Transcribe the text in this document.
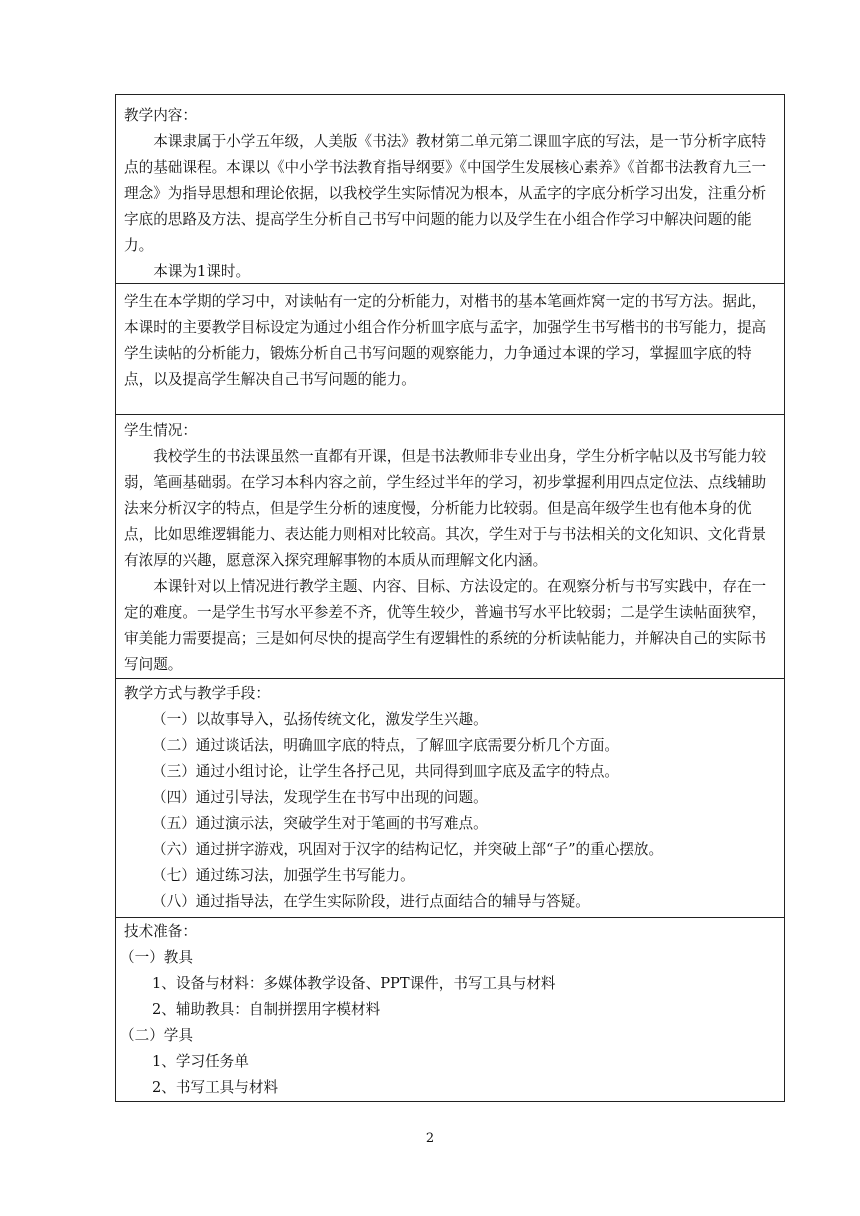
教学内容：

本课隶属于小学五年级，人美版《书法》教材第二单元第二课皿字底的写法，是一节分析字底特点的基础课程。本课以《中小学书法教育指导纲要》《中国学生发展核心素养》《首都书法教育九三一理念》为指导思想和理论依据，以我校学生实际情况为根本，从孟字的字底分析学习出发，注重分析字底的思路及方法、提高学生分析自己书写中问题的能力以及学生在小组合作学习中解决问题的能力。

本课为1课时。

学生在本学期的学习中，对读帖有一定的分析能力，对楷书的基本笔画炸窝一定的书写方法。据此，本课时的主要教学目标设定为通过小组合作分析皿字底与孟字，加强学生书写楷书的书写能力，提高学生读帖的分析能力，锻炼分析自己书写问题的观察能力，力争通过本课的学习，掌握皿字底的特点，以及提高学生解决自己书写问题的能力。

学生情况：

我校学生的书法课虽然一直都有开课，但是书法教师非专业出身，学生分析字帖以及书写能力较弱，笔画基础弱。在学习本科内容之前，学生经过半年的学习，初步掌握利用四点定位法、点线辅助法来分析汉字的特点，但是学生分析的速度慢，分析能力比较弱。但是高年级学生也有他本身的优点，比如思维逻辑能力、表达能力则相对比较高。其次，学生对于与书法相关的文化知识、文化背景有浓厚的兴趣，愿意深入探究理解事物的本质从而理解文化内涵。

本课针对以上情况进行教学主题、内容、目标、方法设定的。在观察分析与书写实践中，存在一定的难度。一是学生书写水平参差不齐，优等生较少，普遍书写水平比较弱；二是学生读帖面狭窄，审美能力需要提高；三是如何尽快的提高学生有逻辑性的系统的分析读帖能力，并解决自己的实际书写问题。

教学方式与教学手段：

（一）以故事导入，弘扬传统文化，激发学生兴趣。
（二）通过谈话法，明确皿字底的特点，了解皿字底需要分析几个方面。
（三）通过小组讨论，让学生各抒己见，共同得到皿字底及孟字的特点。
（四）通过引导法，发现学生在书写中出现的问题。
（五）通过演示法，突破学生对于笔画的书写难点。
（六）通过拼字游戏，巩固对于汉字的结构记忆，并突破上部“子”的重心摆放。
（七）通过练习法，加强学生书写能力。
（八）通过指导法，在学生实际阶段，进行点面结合的辅导与答疑。

技术准备：

（一）教具

1、设备与材料：多媒体教学设备、PPT课件，书写工具与材料
2、辅助教具：自制拼摆用字模材料

（二）学具

1、学习任务单
2、书写工具与材料
2
